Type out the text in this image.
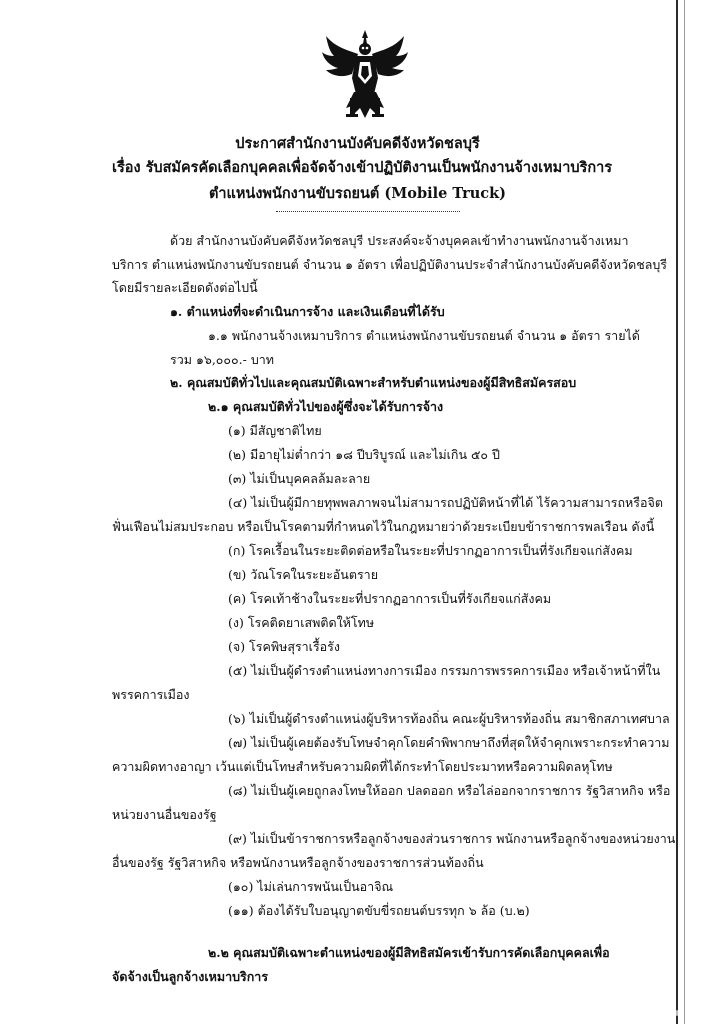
ประกาศสำนักงานบังคับคดีจังหวัดชลบุรี
เรื่อง รับสมัครคัดเลือกบุคคลเพื่อจัดจ้างเข้าปฏิบัติงานเป็นพนักงานจ้างเหมาบริการ
ตำแหน่งพนักงานขับรถยนต์ (Mobile Truck)
ด้วย สำนักงานบังคับคดีจังหวัดชลบุรี ประสงค์จะจ้างบุคคลเข้าทำงานพนักงานจ้างเหมา
บริการ ตำแหน่งพนักงานขับรถยนต์ จำนวน ๑ อัตรา เพื่อปฏิบัติงานประจำสำนักงานบังคับคดีจังหวัดชลบุรี
โดยมีรายละเอียดดังต่อไปนี้
๑. ตำแหน่งที่จะดำเนินการจ้าง และเงินเดือนที่ได้รับ
๑.๑ พนักงานจ้างเหมาบริการ ตำแหน่งพนักงานขับรถยนต์ จำนวน ๑ อัตรา รายได้
รวม ๑๖,๐๐๐.- บาท
๒. คุณสมบัติทั่วไปและคุณสมบัติเฉพาะสำหรับตำแหน่งของผู้มีสิทธิสมัครสอบ
๒.๑ คุณสมบัติทั่วไปของผู้ซึ่งจะได้รับการจ้าง
(๑) มีสัญชาติไทย
(๒) มีอายุไม่ต่ำกว่า ๑๘ ปีบริบูรณ์ และไม่เกิน ๕๐ ปี
(๓) ไม่เป็นบุคคลล้มละลาย
(๔) ไม่เป็นผู้มีกายทุพพลภาพจนไม่สามารถปฏิบัติหน้าที่ได้ ไร้ความสามารถหรือจิต
ฟั่นเฟือนไม่สมประกอบ หรือเป็นโรคตามที่กำหนดไว้ในกฎหมายว่าด้วยระเบียบข้าราชการพลเรือน ดังนี้
(ก) โรคเรื้อนในระยะติดต่อหรือในระยะที่ปรากฏอาการเป็นที่รังเกียจแก่สังคม
(ข) วัณโรคในระยะอันตราย
(ค) โรคเท้าช้างในระยะที่ปรากฏอาการเป็นที่รังเกียจแก่สังคม
(ง) โรคติดยาเสพติดให้โทษ
(จ) โรคพิษสุราเรื้อรัง
(๕) ไม่เป็นผู้ดำรงตำแหน่งทางการเมือง กรรมการพรรคการเมือง หรือเจ้าหน้าที่ใน
พรรคการเมือง
(๖) ไม่เป็นผู้ดำรงตำแหน่งผู้บริหารท้องถิ่น คณะผู้บริหารท้องถิ่น สมาชิกสภาเทศบาล
(๗) ไม่เป็นผู้เคยต้องรับโทษจำคุกโดยคำพิพากษาถึงที่สุดให้จำคุกเพราะกระทำความ
ความผิดทางอาญา เว้นแต่เป็นโทษสำหรับความผิดที่ได้กระทำโดยประมาทหรือความผิดลหุโทษ
(๘) ไม่เป็นผู้เคยถูกลงโทษให้ออก ปลดออก หรือไล่ออกจากราชการ รัฐวิสาหกิจ หรือ
หน่วยงานอื่นของรัฐ
(๙) ไม่เป็นข้าราชการหรือลูกจ้างของส่วนราชการ พนักงานหรือลูกจ้างของหน่วยงาน
อื่นของรัฐ รัฐวิสาหกิจ หรือพนักงานหรือลูกจ้างของราชการส่วนท้องถิ่น
(๑๐) ไม่เล่นการพนันเป็นอาจิณ
(๑๑) ต้องได้รับใบอนุญาตขับขี่รถยนต์บรรทุก ๖ ล้อ (บ.๒)
๒.๒ คุณสมบัติเฉพาะตำแหน่งของผู้มีสิทธิสมัครเข้ารับการคัดเลือกบุคคลเพื่อ
จัดจ้างเป็นลูกจ้างเหมาบริการ
